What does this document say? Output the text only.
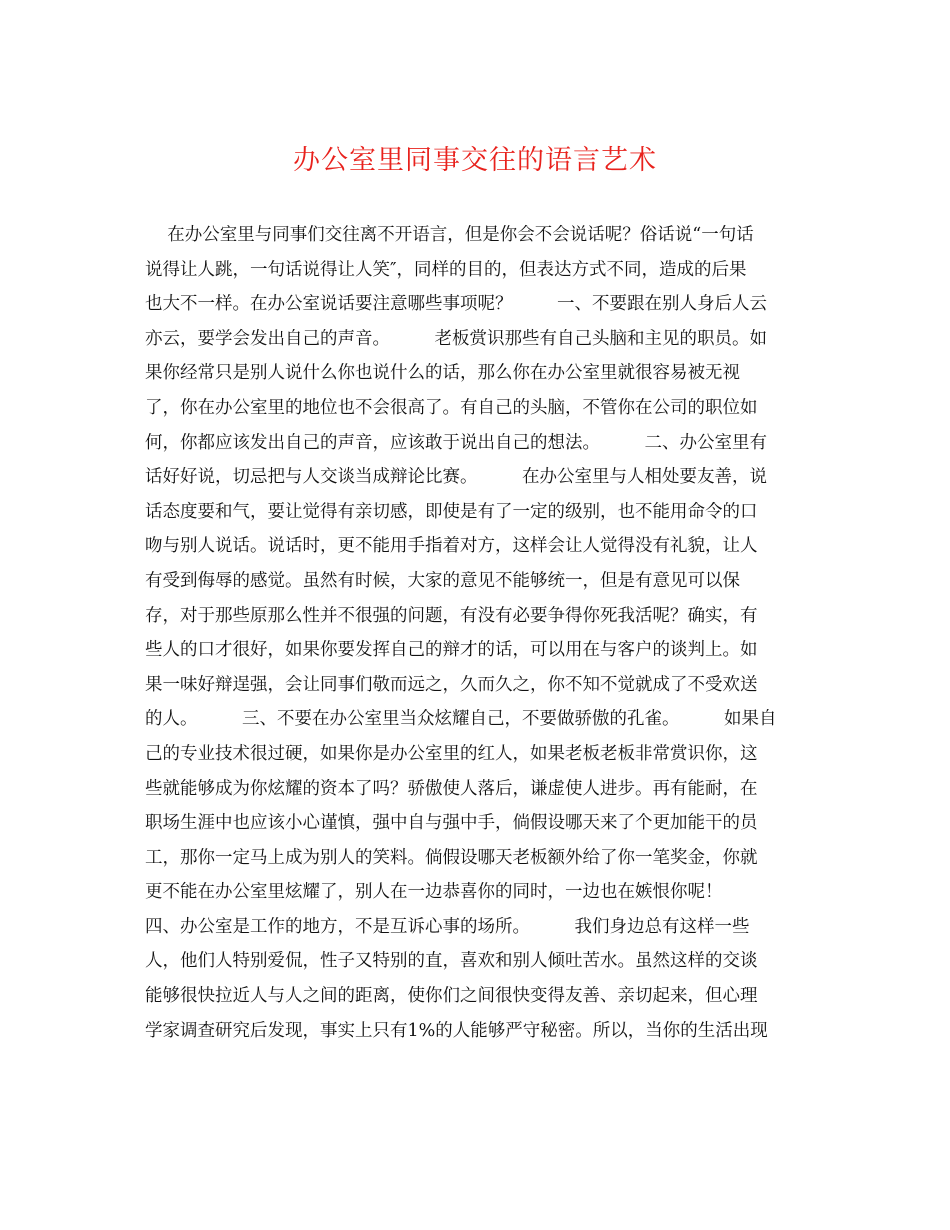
办公室里同事交往的语言艺术
在办公室里与同事们交往离不开语言，但是你会不会说话呢？俗话说“一句话
说得让人跳，一句话说得让人笑″，同样的目的，但表达方式不同，造成的后果
也大不一样。在办公室说话要注意哪些事项呢？        一、不要跟在别人身后人云
亦云，要学会发出自己的声音。        老板赏识那些有自己头脑和主见的职员。如
果你经常只是别人说什么你也说什么的话，那么你在办公室里就很容易被无视
了，你在办公室里的地位也不会很高了。有自己的头脑，不管你在公司的职位如
何，你都应该发出自己的声音，应该敢于说出自己的想法。        二、办公室里有
话好好说，切忌把与人交谈当成辩论比赛。        在办公室里与人相处要友善，说
话态度要和气，要让觉得有亲切感，即使是有了一定的级别，也不能用命令的口
吻与别人说话。说话时，更不能用手指着对方，这样会让人觉得没有礼貌，让人
有受到侮辱的感觉。虽然有时候，大家的意见不能够统一，但是有意见可以保
存，对于那些原那么性并不很强的问题，有没有必要争得你死我活呢？确实，有
些人的口才很好，如果你要发挥自己的辩才的话，可以用在与客户的谈判上。如
果一味好辩逞强，会让同事们敬而远之，久而久之，你不知不觉就成了不受欢送
的人。        三、不要在办公室里当众炫耀自己，不要做骄傲的孔雀。        如果自
己的专业技术很过硬，如果你是办公室里的红人，如果老板老板非常赏识你，这
些就能够成为你炫耀的资本了吗？骄傲使人落后，谦虚使人进步。再有能耐，在
职场生涯中也应该小心谨慎，强中自与强中手，倘假设哪天来了个更加能干的员
工，那你一定马上成为别人的笑料。倘假设哪天老板额外给了你一笔奖金，你就
更不能在办公室里炫耀了，别人在一边恭喜你的同时，一边也在嫉恨你呢！
四、办公室是工作的地方，不是互诉心事的场所。        我们身边总有这样一些
人，他们人特别爱侃，性子又特别的直，喜欢和别人倾吐苦水。虽然这样的交谈
能够很快拉近人与人之间的距离，使你们之间很快变得友善、亲切起来，但心理
学家调查研究后发现，事实上只有1%的人能够严守秘密。所以，当你的生活出现
